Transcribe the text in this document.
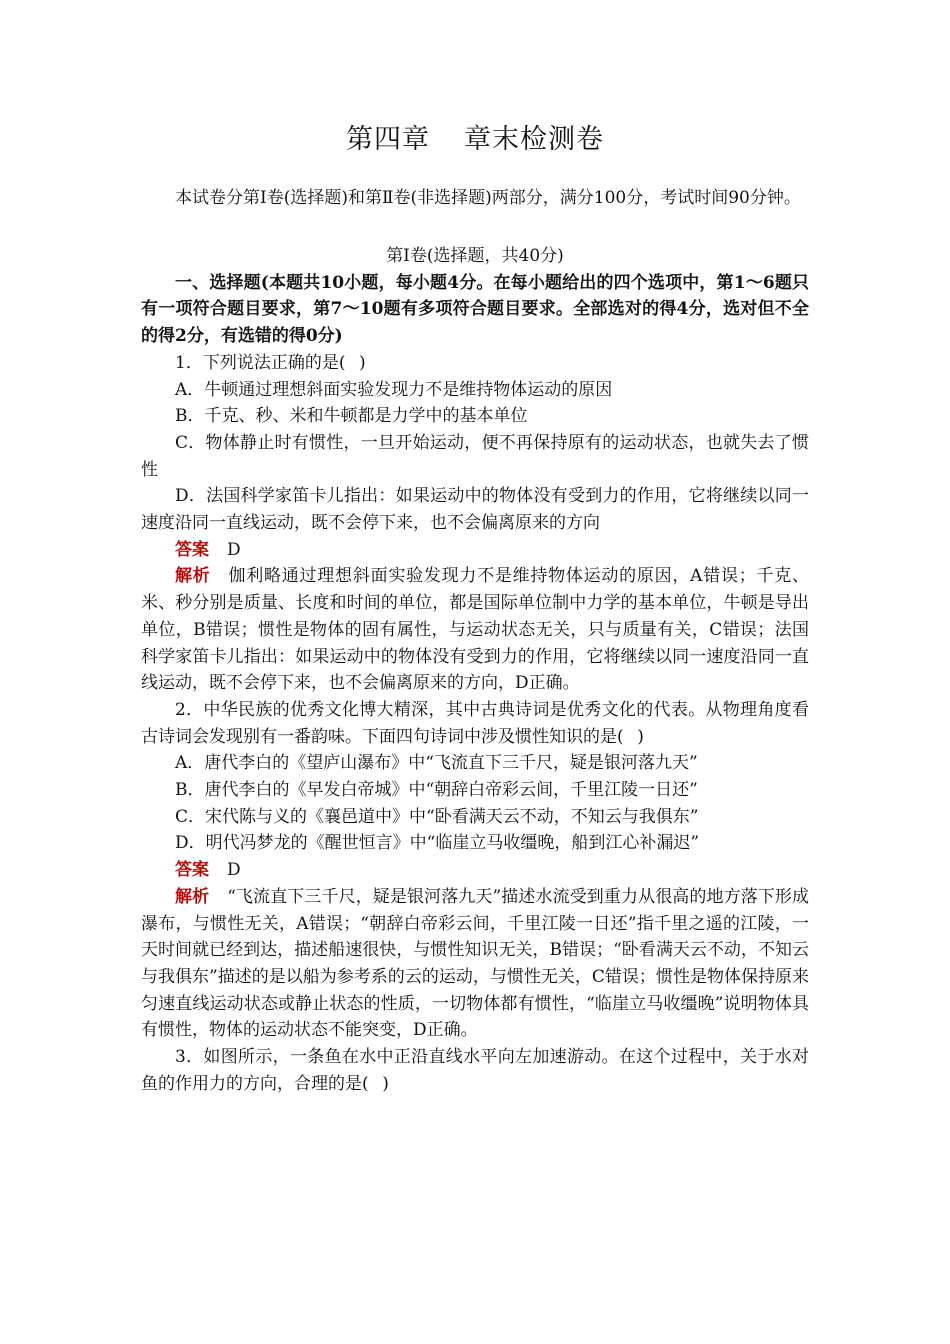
第四章 章末检测卷

本试卷分第Ⅰ卷(选择题)和第Ⅱ卷(非选择题)两部分，满分100分，考试时间90分钟。

第Ⅰ卷(选择题，共40分)

一、选择题(本题共10小题，每小题4分。在每小题给出的四个选项中，第1～6题只有一项符合题目要求，第7～10题有多项符合题目要求。全部选对的得4分，选对但不全的得2分，有选错的得0分)

1．下列说法正确的是( )

A．牛顿通过理想斜面实验发现力不是维持物体运动的原因

B．千克、秒、米和牛顿都是力学中的基本单位

C．物体静止时有惯性，一旦开始运动，便不再保持原有的运动状态，也就失去了惯性

D．法国科学家笛卡儿指出：如果运动中的物体没有受到力的作用，它将继续以同一速度沿同一直线运动，既不会停下来，也不会偏离原来的方向

答案 D

解析 伽利略通过理想斜面实验发现力不是维持物体运动的原因，A错误；千克、米、秒分别是质量、长度和时间的单位，都是国际单位制中力学的基本单位，牛顿是导出单位，B错误；惯性是物体的固有属性，与运动状态无关，只与质量有关，C错误；法国科学家笛卡儿指出：如果运动中的物体没有受到力的作用，它将继续以同一速度沿同一直线运动，既不会停下来，也不会偏离原来的方向，D正确。

2．中华民族的优秀文化博大精深，其中古典诗词是优秀文化的代表。从物理角度看古诗词会发现别有一番韵味。下面四句诗词中涉及惯性知识的是( )

A．唐代李白的《望庐山瀑布》中“飞流直下三千尺，疑是银河落九天”

B．唐代李白的《早发白帝城》中“朝辞白帝彩云间，千里江陵一日还”

C．宋代陈与义的《襄邑道中》中“卧看满天云不动，不知云与我俱东”

D．明代冯梦龙的《醒世恒言》中“临崖立马收缰晚，船到江心补漏迟”

答案 D

解析 “飞流直下三千尺，疑是银河落九天”描述水流受到重力从很高的地方落下形成瀑布，与惯性无关，A错误；“朝辞白帝彩云间，千里江陵一日还”指千里之遥的江陵，一天时间就已经到达，描述船速很快，与惯性知识无关，B错误；“卧看满天云不动，不知云与我俱东”描述的是以船为参考系的云的运动，与惯性无关，C错误；惯性是物体保持原来匀速直线运动状态或静止状态的性质，一切物体都有惯性，“临崖立马收缰晚”说明物体具有惯性，物体的运动状态不能突变，D正确。

3．如图所示，一条鱼在水中正沿直线水平向左加速游动。在这个过程中，关于水对鱼的作用力的方向，合理的是( )
